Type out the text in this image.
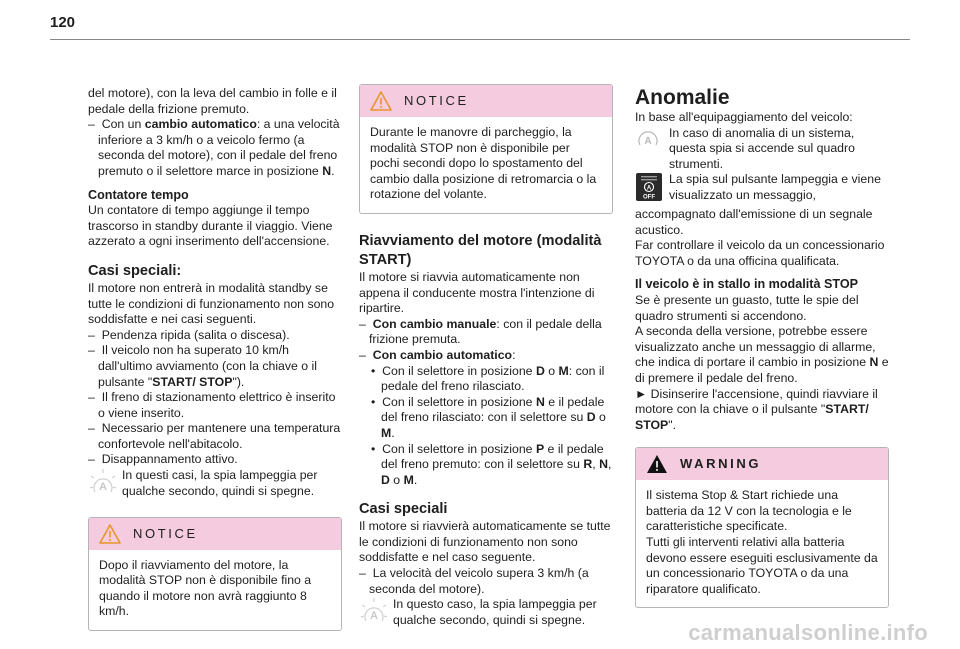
120

del motore), con la leva del cambio in folle e il pedale della frizione premuto.

–  Con un cambio automatico: a una velocità inferiore a 3 km/h o a veicolo fermo (a seconda del motore), con il pedale del freno premuto o il selettore marce in posizione N.

Contatore tempo

Un contatore di tempo aggiunge il tempo trascorso in standby durante il viaggio. Viene azzerato a ogni inserimento dell'accensione.

Casi speciali:

Il motore non entrerà in modalità standby se tutte le condizioni di funzionamento non sono soddisfatte e nei casi seguenti.

–  Pendenza ripida (salita o discesa).

–  Il veicolo non ha superato 10 km/h dall'ultimo avviamento (con la chiave o il pulsante "START/ STOP").

–  Il freno di stazionamento elettrico è inserito o viene inserito.

–  Necessario per mantenere una temperatura confortevole nell'abitacolo.

–  Disappannamento attivo.

A
In questi casi, la spia lampeggia per qualche secondo, quindi si spegne.
NOTICE
Dopo il riavviamento del motore, la modalità STOP non è disponibile fino a quando il motore non avrà raggiunto 8 km/h.
NOTICE
Durante le manovre di parcheggio, la modalità STOP non è disponibile per pochi secondi dopo lo spostamento del cambio dalla posizione di retromarcia o la rotazione del volante.

Riavviamento del motore (modalità START)

Il motore si riavvia automaticamente non appena il conducente mostra l'intenzione di ripartire.

–  Con cambio manuale: con il pedale della frizione premuta.

–  Con cambio automatico:

•  Con il selettore in posizione D o M: con il pedale del freno rilasciato.

•  Con il selettore in posizione N e il pedale del freno rilasciato: con il selettore su D o M.

•  Con il selettore in posizione P e il pedale del freno premuto: con il selettore su R, N, D o M.

Casi speciali

Il motore si riavvierà automaticamente se tutte le condizioni di funzionamento non sono soddisfatte e nel caso seguente.

–  La velocità del veicolo supera 3 km/h (a seconda del motore).

A
In questo caso, la spia lampeggia per qualche secondo, quindi si spegne.

Anomalie

In base all'equipaggiamento del veicolo:

A
In caso di anomalia di un sistema, questa spia si accende sul quadro strumenti.
A
OFF
La spia sul pulsante lampeggia e viene visualizzato un messaggio,

accompagnato dall'emissione di un segnale acustico.

Far controllare il veicolo da un concessionario TOYOTA o da una officina qualificata.

Il veicolo è in stallo in modalità STOP

Se è presente un guasto, tutte le spie del quadro strumenti si accendono.

A seconda della versione, potrebbe essere visualizzato anche un messaggio di allarme, che indica di portare il cambio in posizione N e di premere il pedale del freno.

► Disinserire l'accensione, quindi riavviare il motore con la chiave o il pulsante "START/ STOP".

WARNING

Il sistema Stop & Start richiede una batteria da 12 V con la tecnologia e le caratteristiche specificate.

Tutti gli interventi relativi alla batteria devono essere eseguiti esclusivamente da un concessionario TOYOTA o da una riparatore qualificato.

carmanualsonline.info
